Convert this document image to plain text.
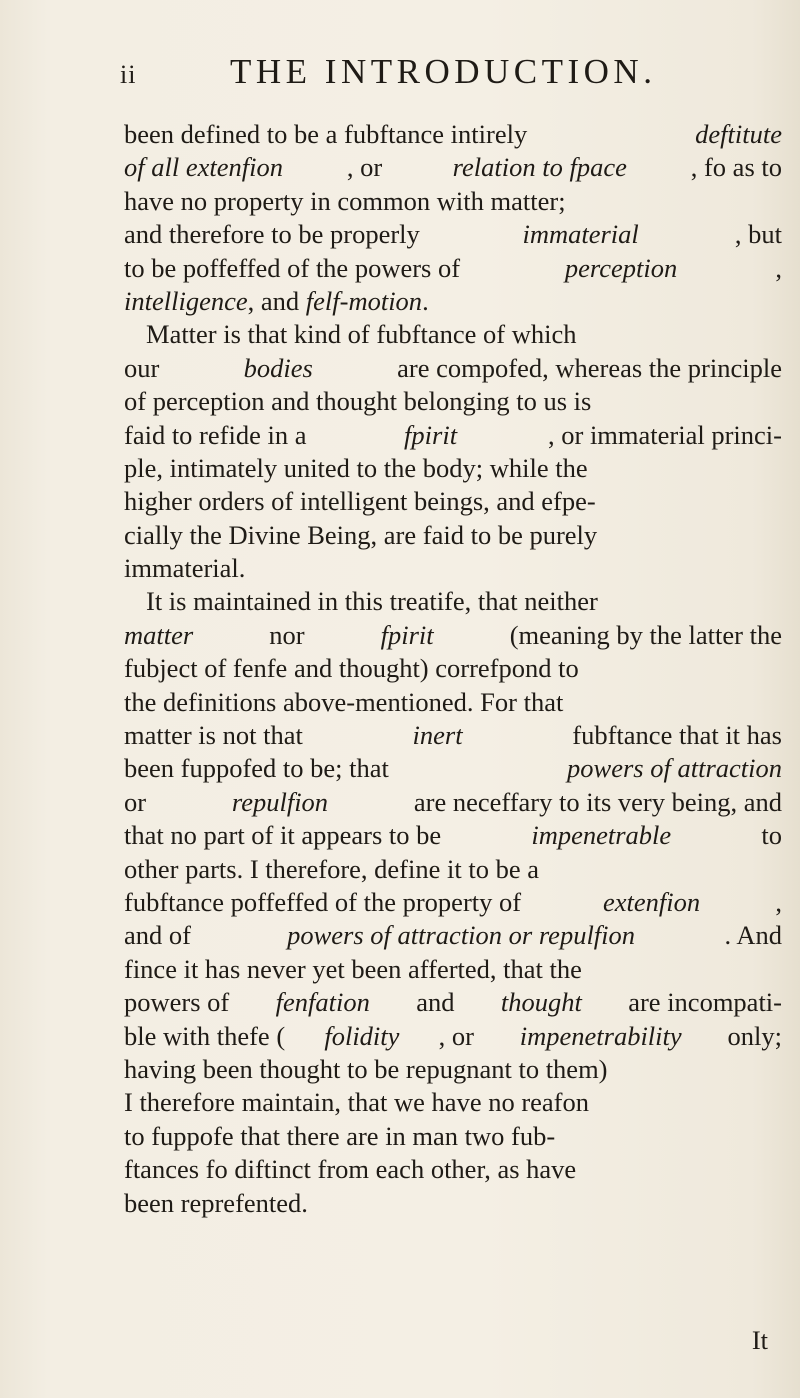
ii	THE INTRODUCTION.
been defined to be a fubftance intirely	deftitute
of all extenfion , or relation to fpace , fo as to
have no property in common with matter;
and therefore to be properly	immaterial	, but
to be poffeffed of the powers of	perception	,
intelligence , and felf-motion .
Matter is that kind of fubftance of which
our	bodies	are compofed, whereas the principle
of perception and thought belonging to us is
faid to refide in a	fpirit	, or immaterial princi-
ple, intimately united to the body; while the
higher orders of intelligent beings, and efpe-
cially the Divine Being, are faid to be purely
immaterial.
It is maintained in this treatife, that neither
matter	nor	fpirit	(meaning by the latter the
fubject of fenfe and thought) correfpond to
the definitions above-mentioned. For that
matter is not that	inert	fubftance that it has
been fuppofed to be; that	powers of attraction
or	repulfion	are neceffary to its very being, and
that no part of it appears to be	impenetrable	to
other parts. I therefore, define it to be a
fubftance poffeffed of the property of	extenfion	,
and of	powers of attraction or repulfion	. And
fince it has never yet been afferted, that the
powers of fenfation and thought are incompati-
ble with thefe ( folidity , or impenetrability only;
having been thought to be repugnant to them)
I therefore maintain, that we have no reafon
to fuppofe that there are in man two fub-
ftances fo diftinct from each other, as have
been reprefented.
It
